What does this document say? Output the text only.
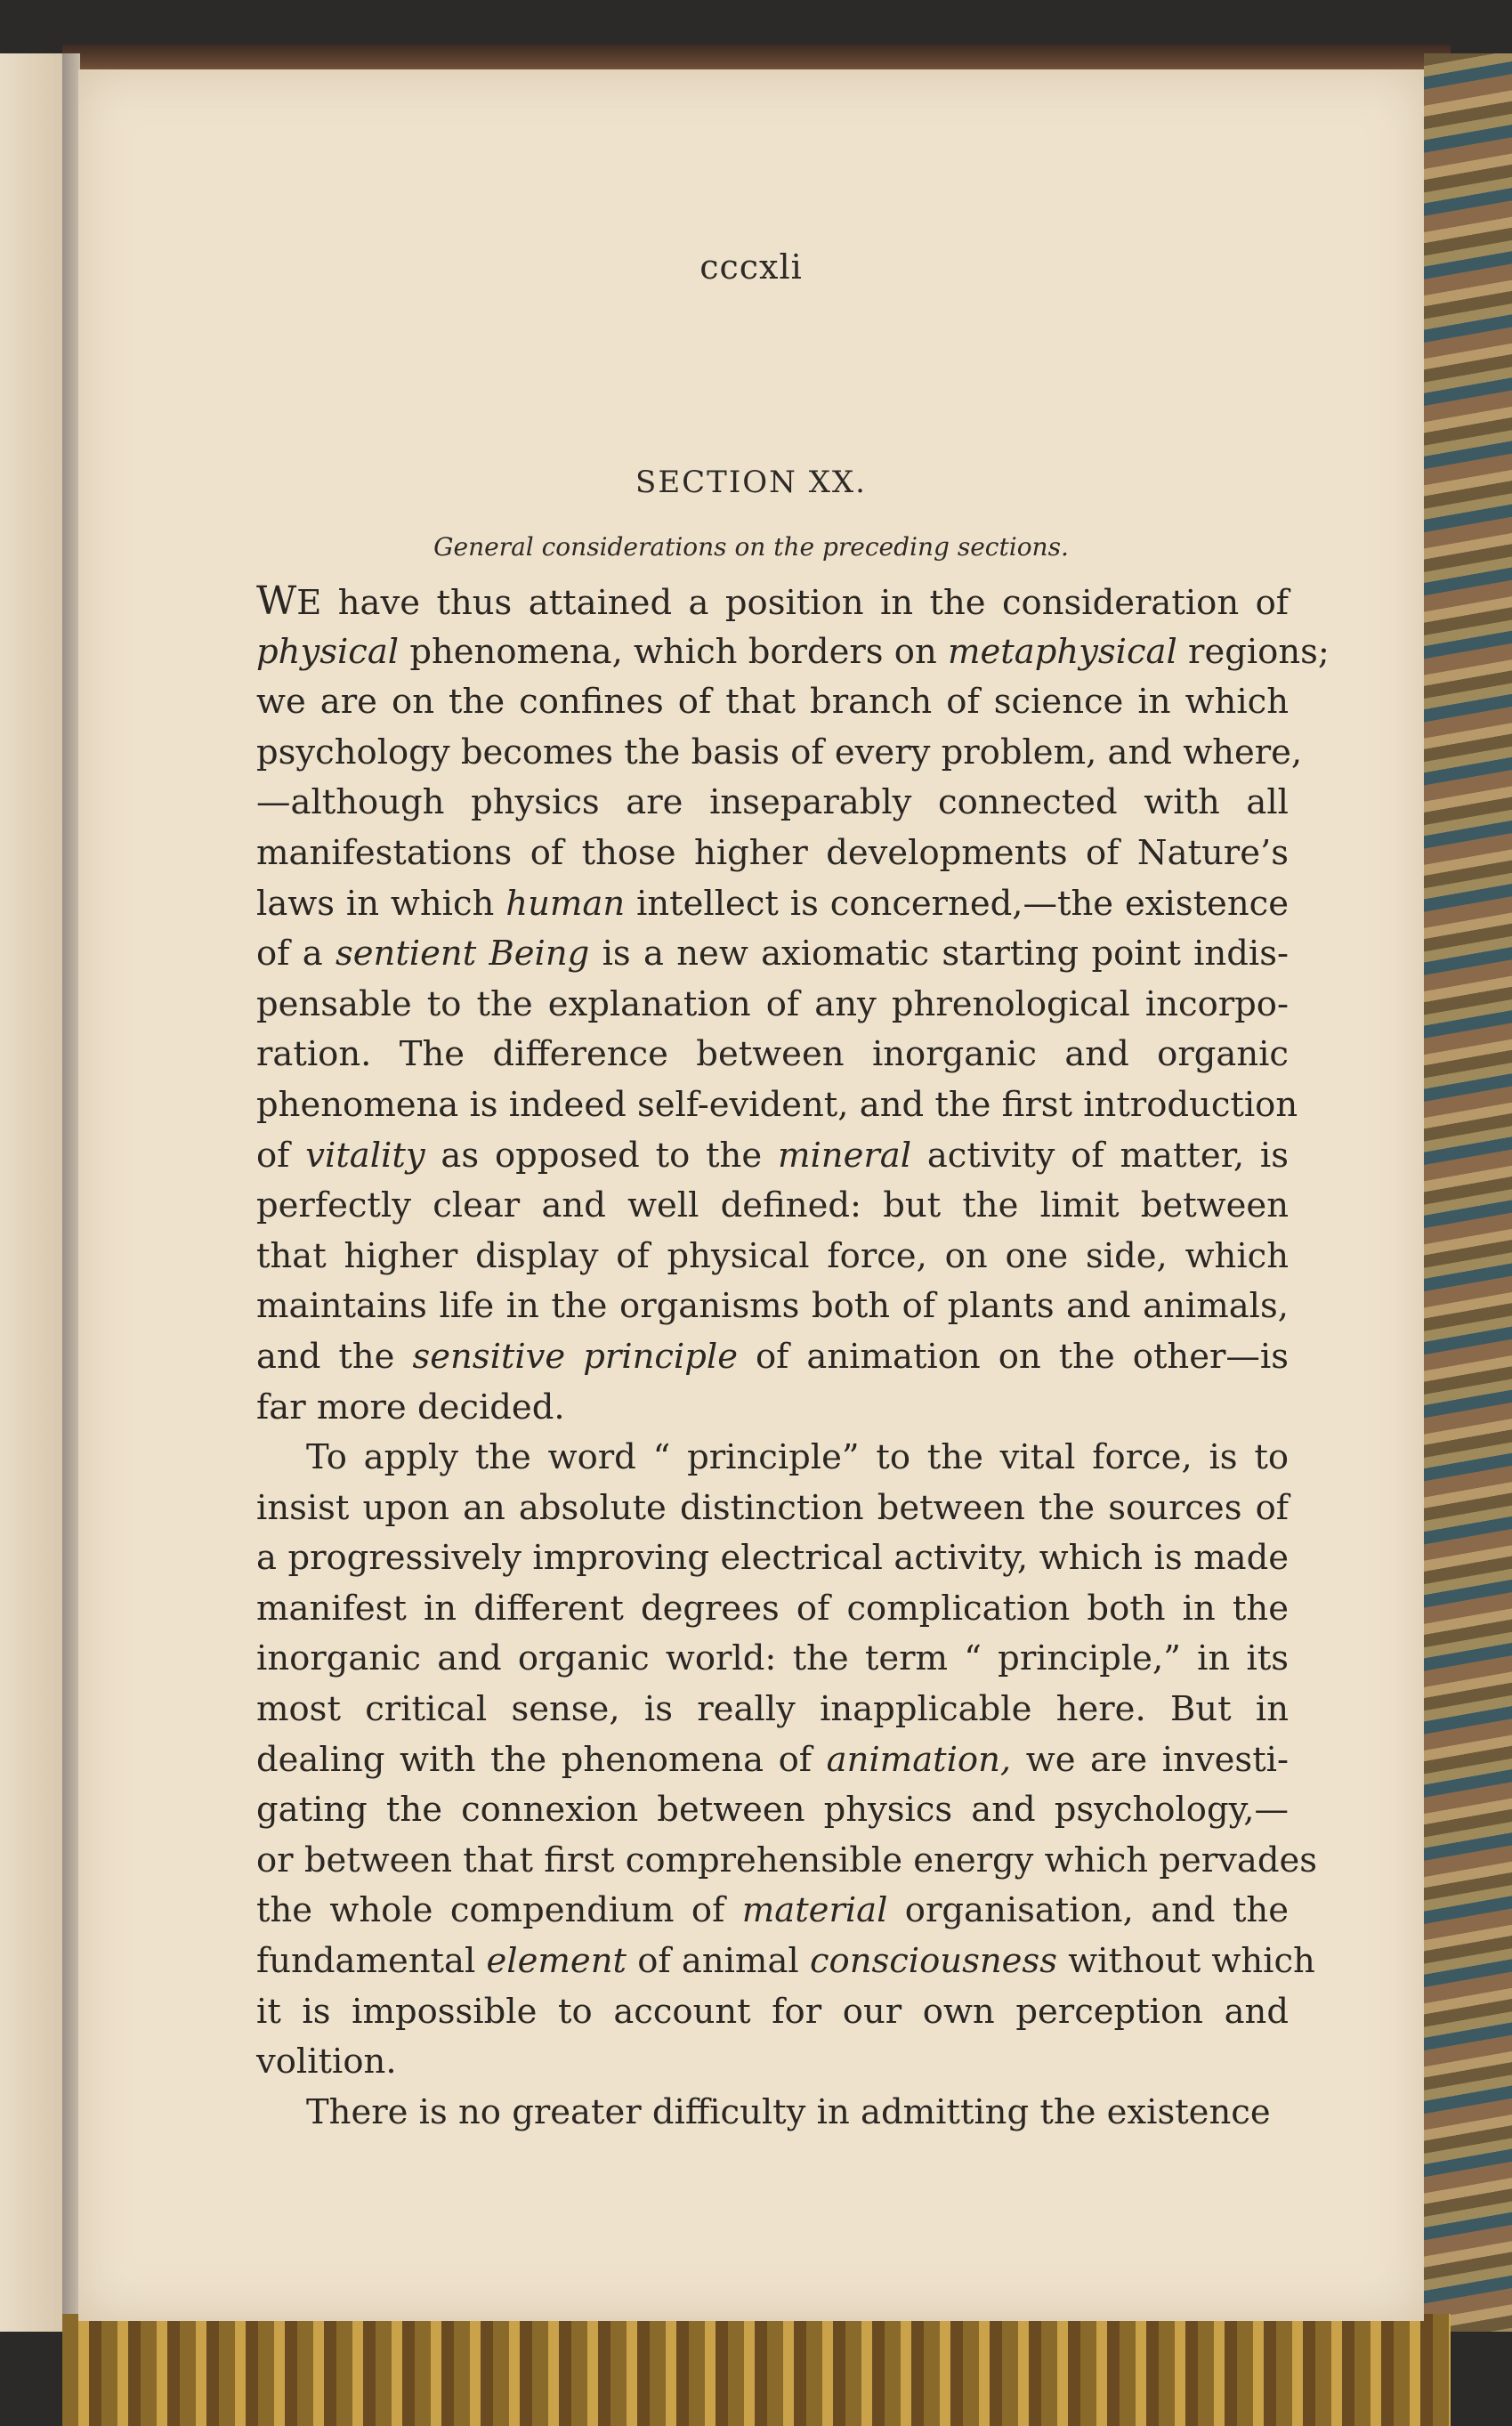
cccxli
SECTION XX.
General considerations on the preceding sections.
WE have thus attained a position in the consideration of
physical phenomena, which borders on metaphysical regions;
we are on the confines of that branch of science in which
psychology becomes the basis of every problem, and where,
—although physics are inseparably connected with all
manifestations of those higher developments of Nature’s
laws in which human intellect is concerned,—the existence
of a sentient Being is a new axiomatic starting point indis-
pensable to the explanation of any phrenological incorpo-
ration. The difference between inorganic and organic
phenomena is indeed self-evident, and the first introduction
of vitality as opposed to the mineral activity of matter, is
perfectly clear and well defined: but the limit between
that higher display of physical force, on one side, which
maintains life in the organisms both of plants and animals,
and the sensitive principle of animation on the other—is
far more decided.
To apply the word “ principle” to the vital force, is to
insist upon an absolute distinction between the sources of
a progressively improving electrical activity, which is made
manifest in different degrees of complication both in the
inorganic and organic world: the term “ principle,” in its
most critical sense, is really inapplicable here. But in
dealing with the phenomena of animation, we are investi-
gating the connexion between physics and psychology,—
or between that first comprehensible energy which pervades
the whole compendium of material organisation, and the
fundamental element of animal consciousness without which
it is impossible to account for our own perception and
volition.
There is no greater difficulty in admitting the existence
